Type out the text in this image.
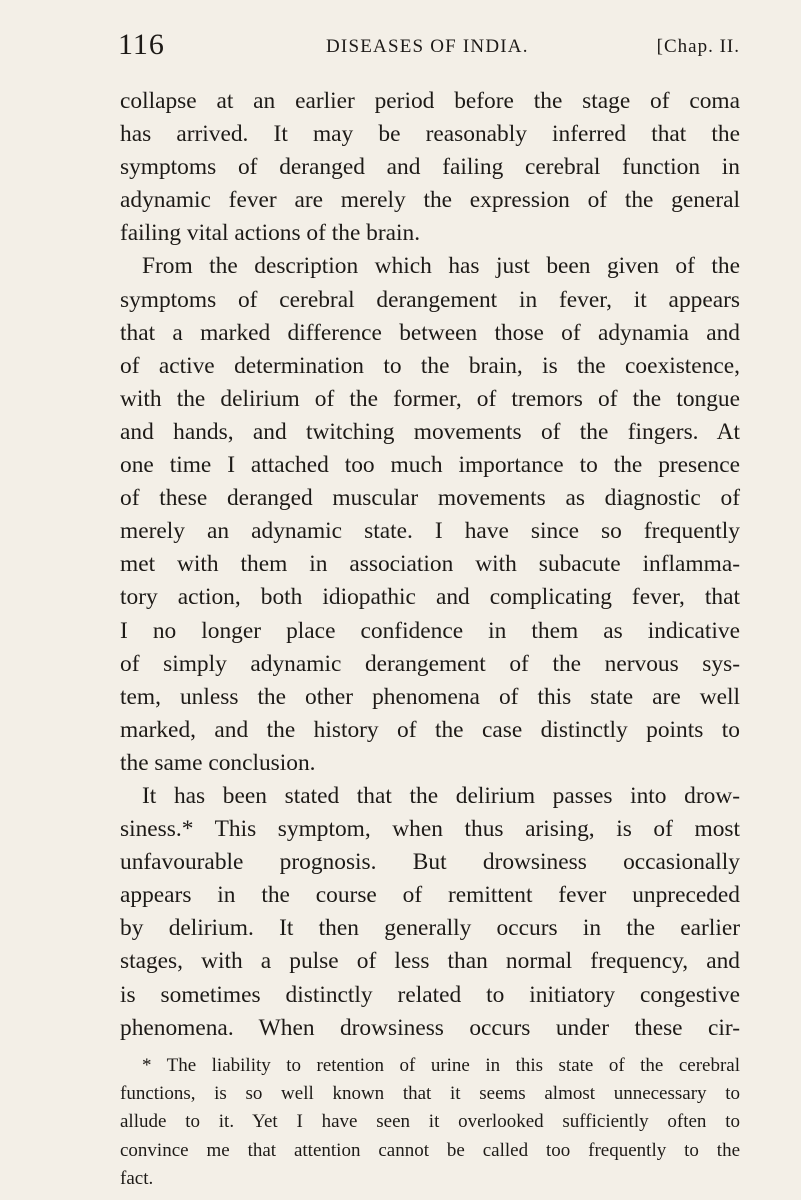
116	DISEASES OF INDIA.	[Chap. II.
collapse at an earlier period before the stage of coma
has arrived. It may be reasonably inferred that the
symptoms of deranged and failing cerebral function in
adynamic fever are merely the expression of the general
failing vital actions of the brain.
From the description which has just been given of the
symptoms of cerebral derangement in fever, it appears
that a marked difference between those of adynamia and
of active determination to the brain, is the coexistence,
with the delirium of the former, of tremors of the tongue
and hands, and twitching movements of the fingers. At
one time I attached too much importance to the presence
of these deranged muscular movements as diagnostic of
merely an adynamic state. I have since so frequently
met with them in association with subacute inflamma-
tory action, both idiopathic and complicating fever, that
I no longer place confidence in them as indicative
of simply adynamic derangement of the nervous sys-
tem, unless the other phenomena of this state are well
marked, and the history of the case distinctly points to
the same conclusion.
It has been stated that the delirium passes into drow-
siness.* This symptom, when thus arising, is of most
unfavourable prognosis. But drowsiness occasionally
appears in the course of remittent fever unpreceded
by delirium. It then generally occurs in the earlier
stages, with a pulse of less than normal frequency, and
is sometimes distinctly related to initiatory congestive
phenomena. When drowsiness occurs under these cir-
* The liability to retention of urine in this state of the cerebral
functions, is so well known that it seems almost unnecessary to
allude to it. Yet I have seen it overlooked sufficiently often to
convince me that attention cannot be called too frequently to the
fact.
